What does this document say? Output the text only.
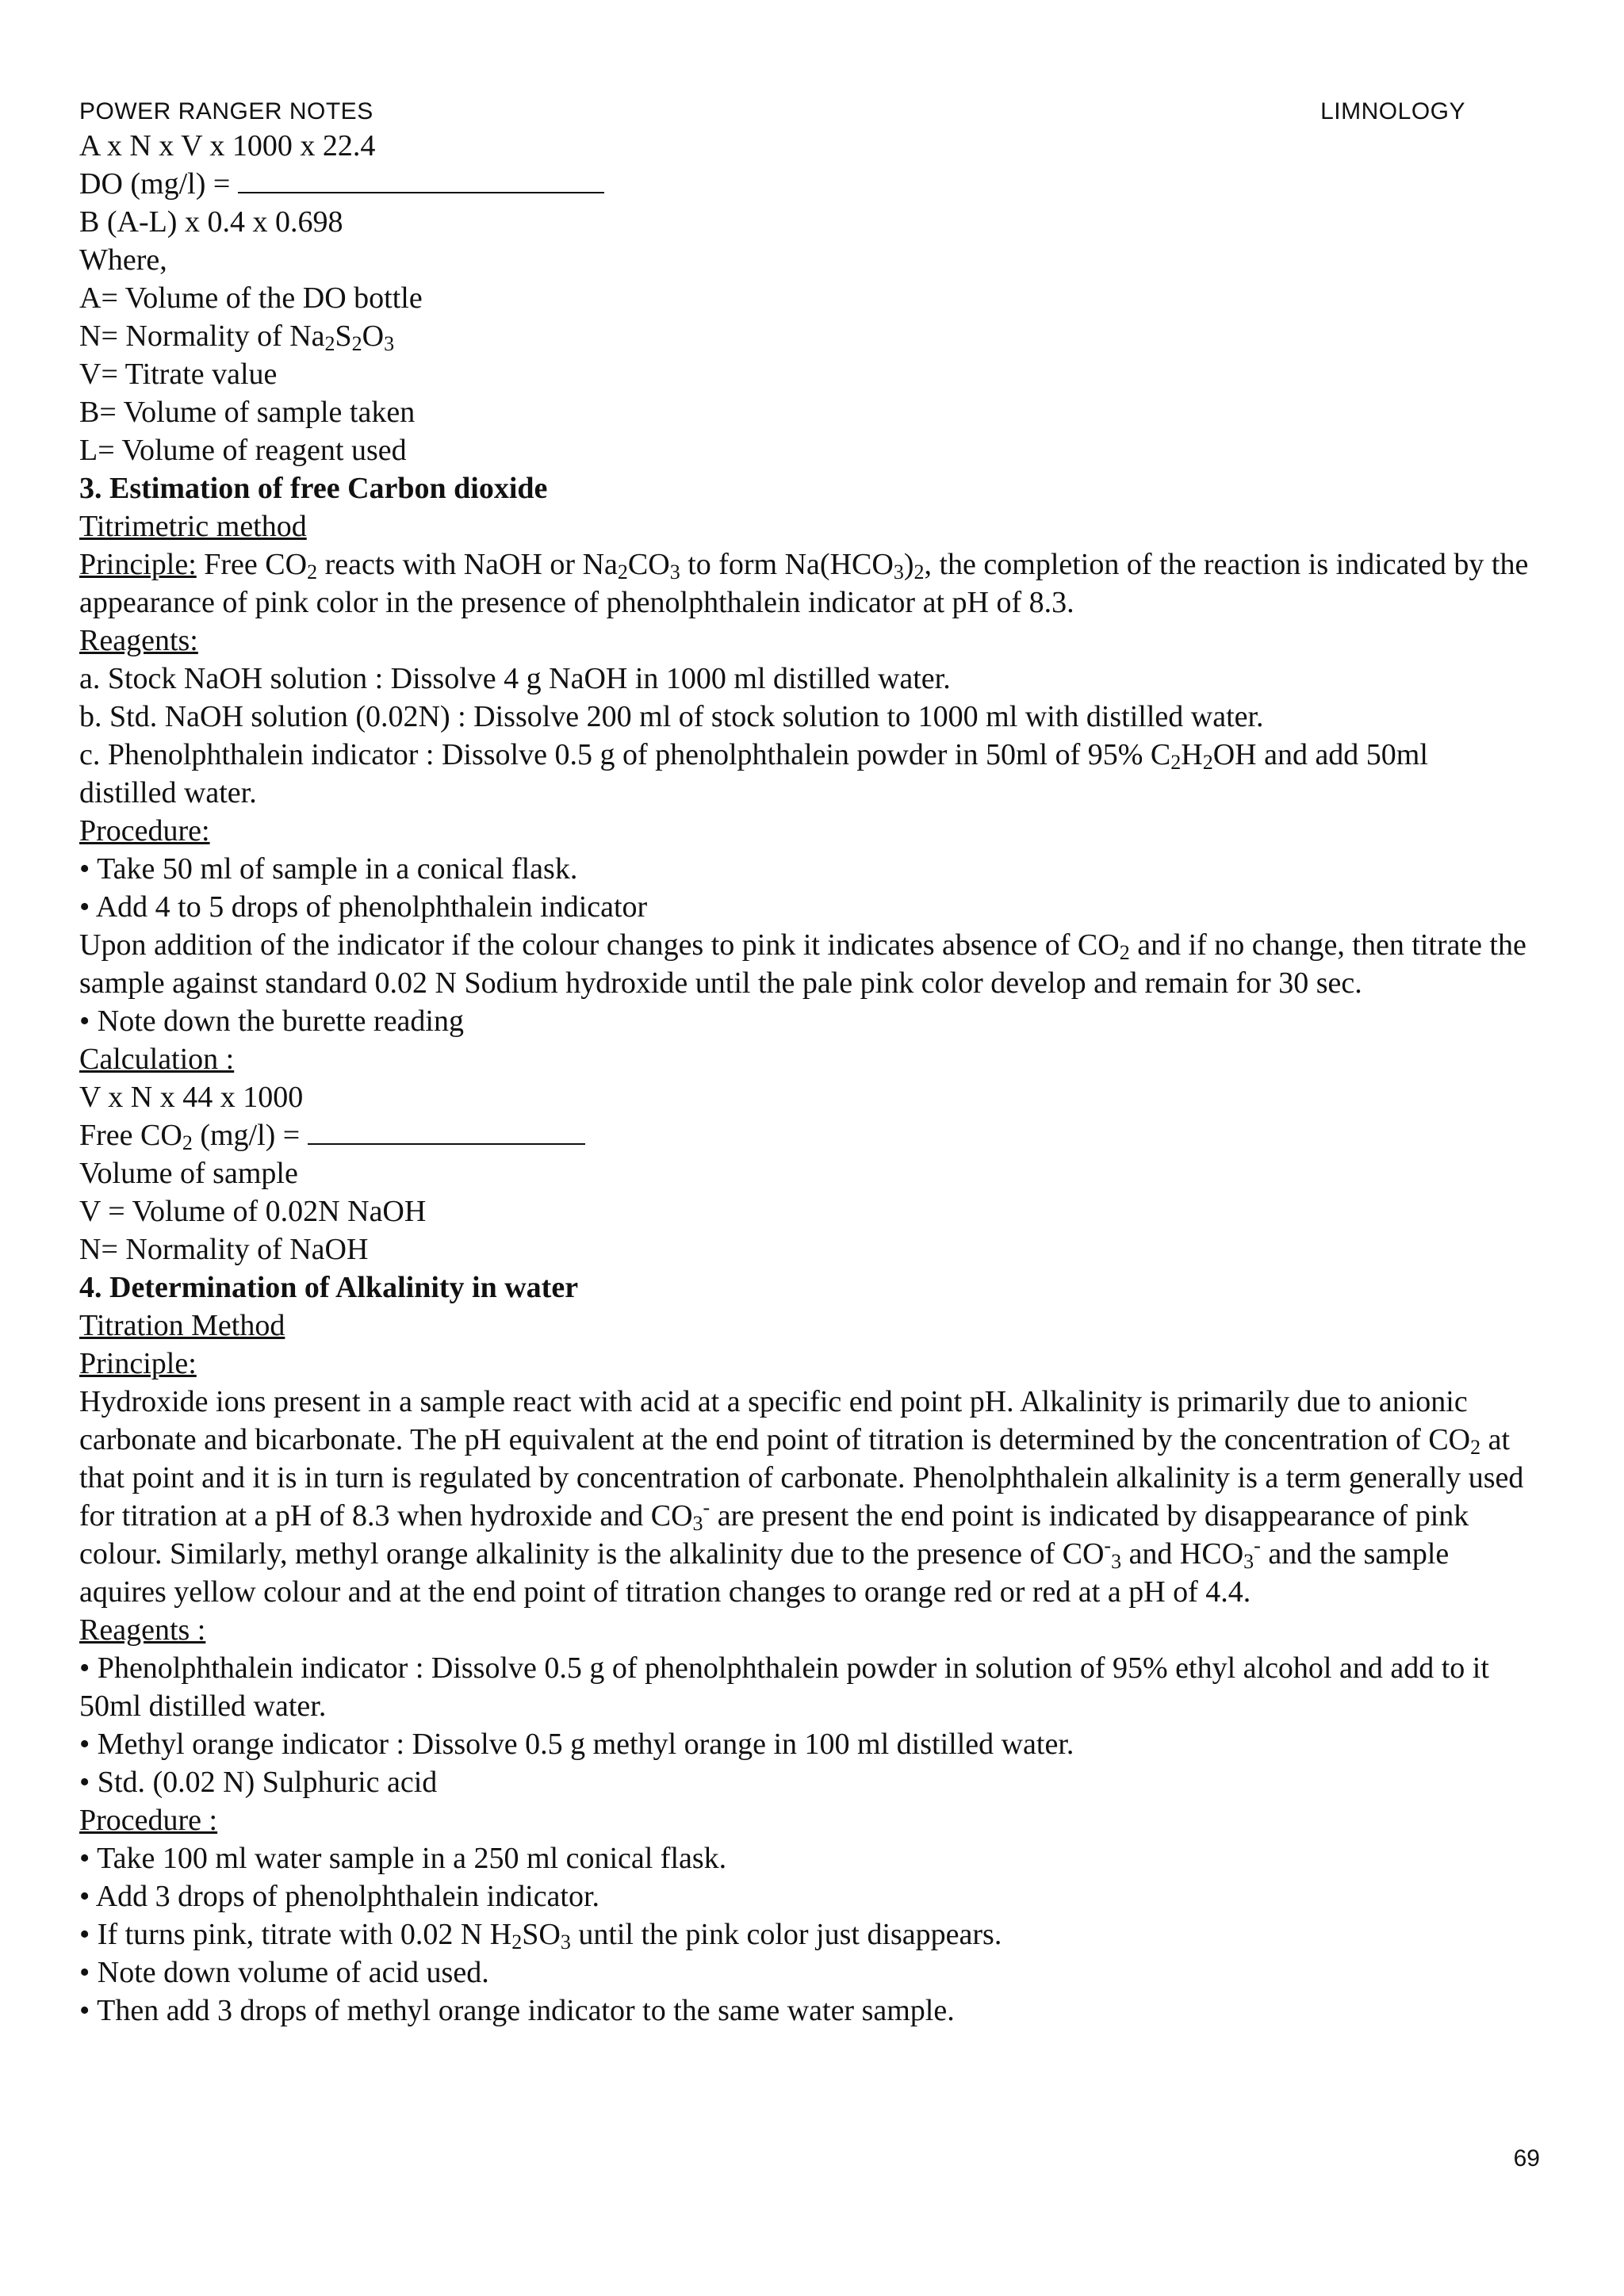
POWER RANGER NOTES	LIMNOLOGY
A x N x V x 1000 x 22.4
DO (mg/l) =
B (A-L) x 0.4 x 0.698
Where,
A= Volume of the DO bottle
N= Normality of $Na_2S_2O_3$
V= Titrate value
B= Volume of sample taken
L= Volume of reagent used
3. Estimation of free Carbon dioxide
Titrimetric method
Principle: Free $CO_2$ reacts with NaOH or $Na_2CO_3$ to form $Na(HCO_3)_2$, the completion of the reaction is indicated by the appearance of pink color in the presence of phenolphthalein indicator at pH of 8.3.
Reagents:
a. Stock NaOH solution : Dissolve 4 g NaOH in 1000 ml distilled water.
b. Std. NaOH solution (0.02N) : Dissolve 200 ml of stock solution to 1000 ml with distilled water.
c. Phenolphthalein indicator : Dissolve 0.5 g of phenolphthalein powder in 50ml of 95% $C_2H_2OH$ and add 50ml distilled water.
Procedure:
• Take 50 ml of sample in a conical flask.
• Add 4 to 5 drops of phenolphthalein indicator
Upon addition of the indicator if the colour changes to pink it indicates absence of $CO_2$ and if no change, then titrate the sample against standard 0.02 N Sodium hydroxide until the pale pink color develop and remain for 30 sec.
• Note down the burette reading
Calculation :
V x N x 44 x 1000
Free $CO_2$ (mg/l) =
Volume of sample
V = Volume of 0.02N NaOH
N= Normality of NaOH
4. Determination of Alkalinity in water
Titration Method
Principle:
Hydroxide ions present in a sample react with acid at a specific end point pH. Alkalinity is primarily due to anionic carbonate and bicarbonate. The pH equivalent at the end point of titration is determined by the concentration of $CO_2$ at that point and it is in turn is regulated by concentration of carbonate. Phenolphthalein alkalinity is a term generally used for titration at a pH of 8.3 when hydroxide and $CO_3^-$ are present the end point is indicated by disappearance of pink colour. Similarly, methyl orange alkalinity is the alkalinity due to the presence of $CO^-_3$ and $HCO_3^-$ and the sample aquires yellow colour and at the end point of titration changes to orange red or red at a pH of 4.4.
Reagents :
• Phenolphthalein indicator : Dissolve 0.5 g of phenolphthalein powder in solution of 95% ethyl alcohol and add to it 50ml distilled water.
• Methyl orange indicator : Dissolve 0.5 g methyl orange in 100 ml distilled water.
• Std. (0.02 N) Sulphuric acid
Procedure :
• Take 100 ml water sample in a 250 ml conical flask.
• Add 3 drops of phenolphthalein indicator.
• If turns pink, titrate with 0.02 N $H_2SO_3$ until the pink color just disappears.
• Note down volume of acid used.
• Then add 3 drops of methyl orange indicator to the same water sample.
69
